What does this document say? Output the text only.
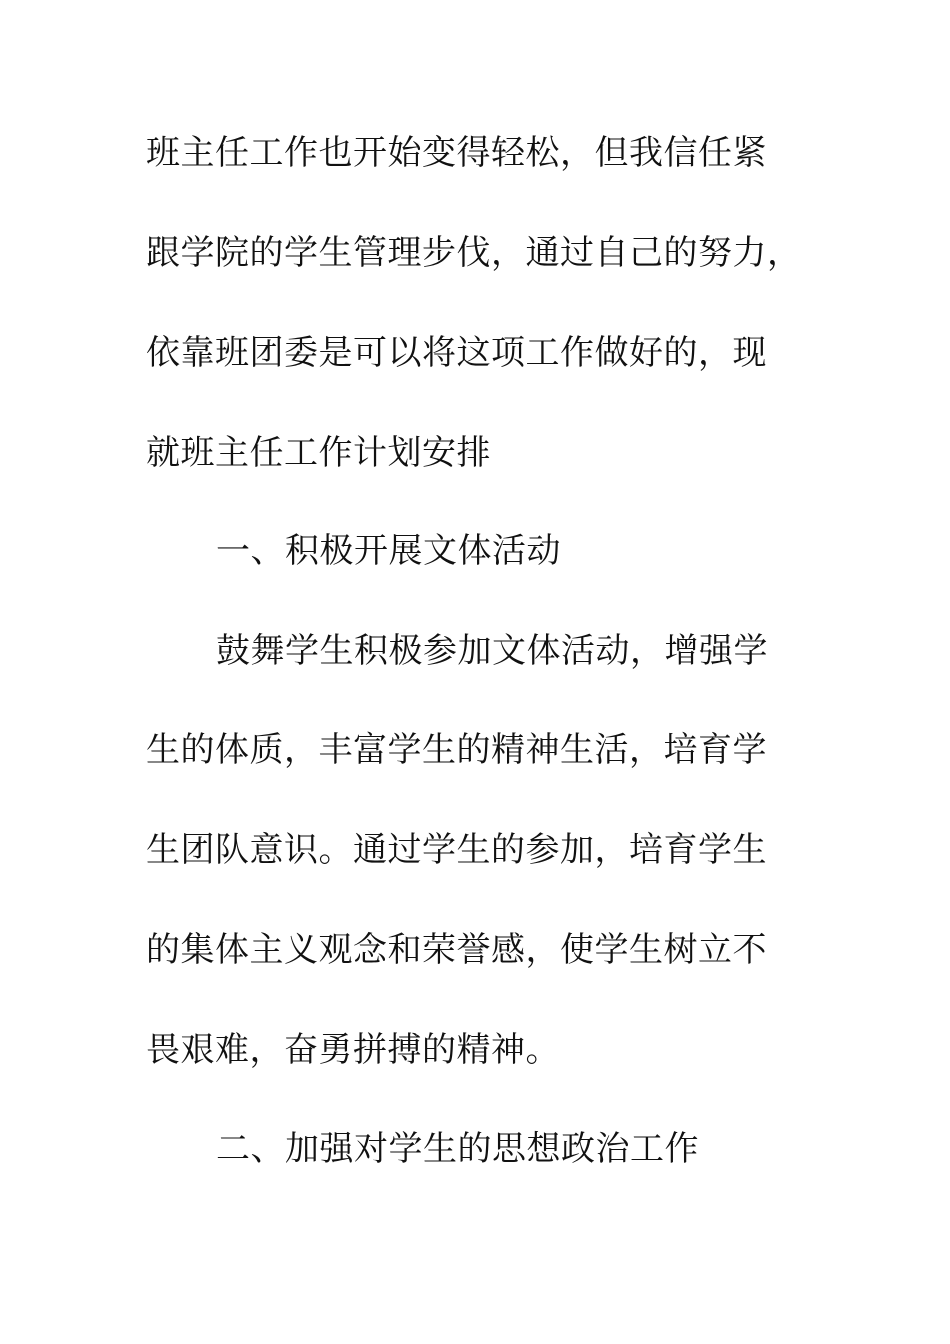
班主任工作也开始变得轻松，但我信任紧
跟学院的学生管理步伐，通过自己的努力，
依靠班团委是可以将这项工作做好的，现
就班主任工作计划安排
一、积极开展文体活动
鼓舞学生积极参加文体活动，增强学
生的体质，丰富学生的精神生活，培育学
生团队意识。通过学生的参加，培育学生
的集体主义观念和荣誉感，使学生树立不
畏艰难，奋勇拼搏的精神。
二、加强对学生的思想政治工作
